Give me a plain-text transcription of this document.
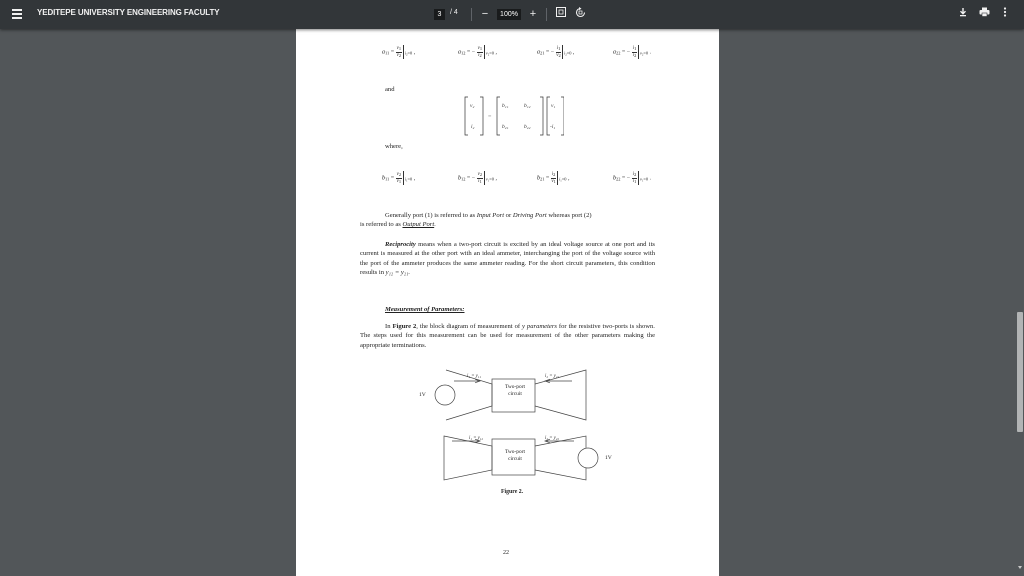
YEDITEPE UNIVERSITY ENGINEERING FACULTY	3	/ 4	−	100%	+
$a_{11} = \frac{v1}{v2} _{i_2=0}$ ,	$a_{12}$ = − $\frac{v1}{i2} _{v_2=0}$ ,	$a_{21}$ = − $\frac{i1}{v2} _{i_2=0}$ ,	$a_{22}$ = − $\frac{i1}{i2} _{v_2=0}$ .
and
v₂
i₂
=
b₁₁	b₁₂
b₂₁	b₂₂
v₁
-i₁
where,
$b_{11} = \frac{v2}{v1} _{i_1=0}$ ,	$b_{12}$ = − $\frac{v2}{i1} _{v_1=0}$ ,	$b_{21} = \frac{i2}{v1} _{i_1=0}$ ,	$b_{22}$ = − $\frac{i2}{i1} _{v_1=0}$ .
Generally port (1) is referred to as Input Port or Driving Port whereas port (2)
is referred to as Output Port.
Reciprocity means when a two-port circuit is excited by an ideal voltage source at one port and its current is measured at the other port with an ideal ammeter, interchanging the port of the voltage source with the port of the ammeter produces the same ammeter reading. For the short circuit parameters, this condition results in y₁₂ = y₂₁.
Measurement of Parameters:
In Figure 2, the block diagram of measurement of y parameters for the resistive two-ports is shown. The steps used for this measurement can be used for measurement of the other parameters making the appropriate terminations.
i₁ = y₁₁	i₂ = y₂₁
Two-port
circuit
1V
i₁ = y₁₂	i₂ = y₂₂
Two-port
circuit	1V
Figure 2.
22
